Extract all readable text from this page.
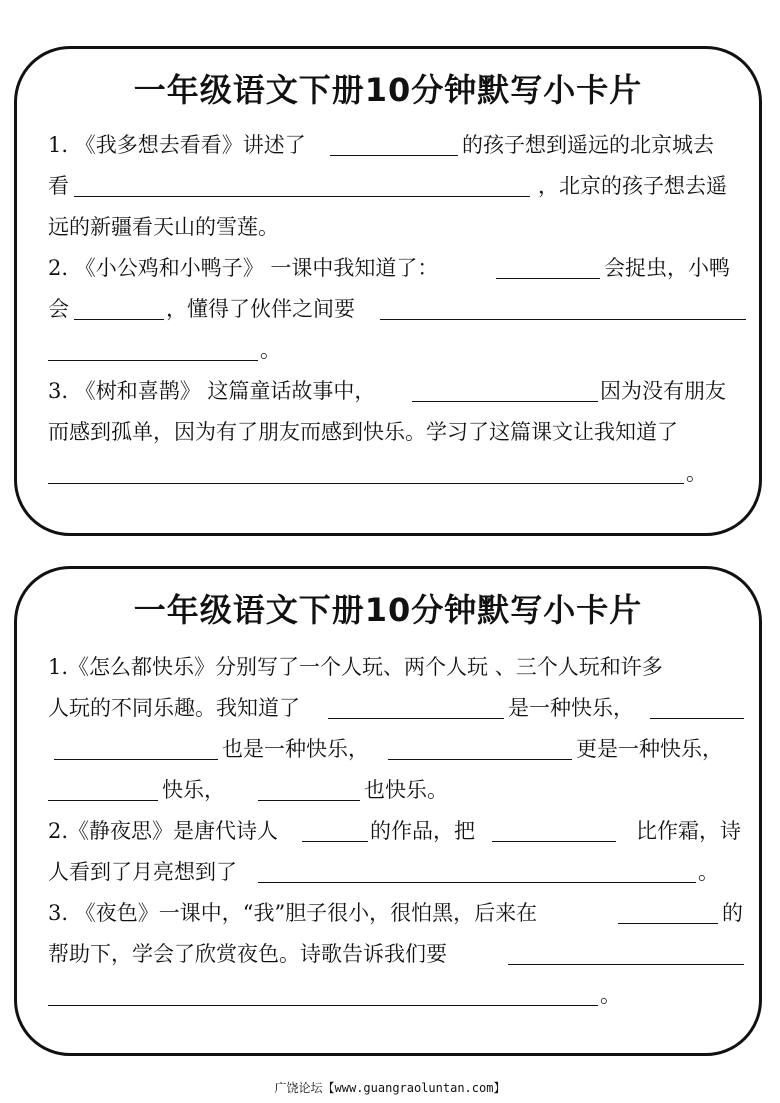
一年级语文下册10分钟默写小卡片
1. 《我多想去看看》讲述了	的孩子想到遥远的北京城去
看	，北京的孩子想去遥
远的新疆看天山的雪莲。
2. 《小公鸡和小鸭子》 一课中我知道了：	会捉虫，小鸭
会	，懂得了伙伴之间要
。
3. 《树和喜鹊》 这篇童话故事中，	因为没有朋友
而感到孤单，因为有了朋友而感到快乐。学习了这篇课文让我知道了
。
一年级语文下册10分钟默写小卡片
1.《怎么都快乐》分别写了一个人玩、两个人玩 、三个人玩和许多
人玩的不同乐趣。我知道了	是一种快乐，
也是一种快乐，	更是一种快乐，
快乐，	也快乐。
2.《静夜思》是唐代诗人	的作品，把	比作霜，诗
人看到了月亮想到了	。
3. 《夜色》一课中，“我”胆子很小，很怕黑，后来在	的
帮助下，学会了欣赏夜色。诗歌告诉我们要
。
广饶论坛【www.guangraoluntan.com】
